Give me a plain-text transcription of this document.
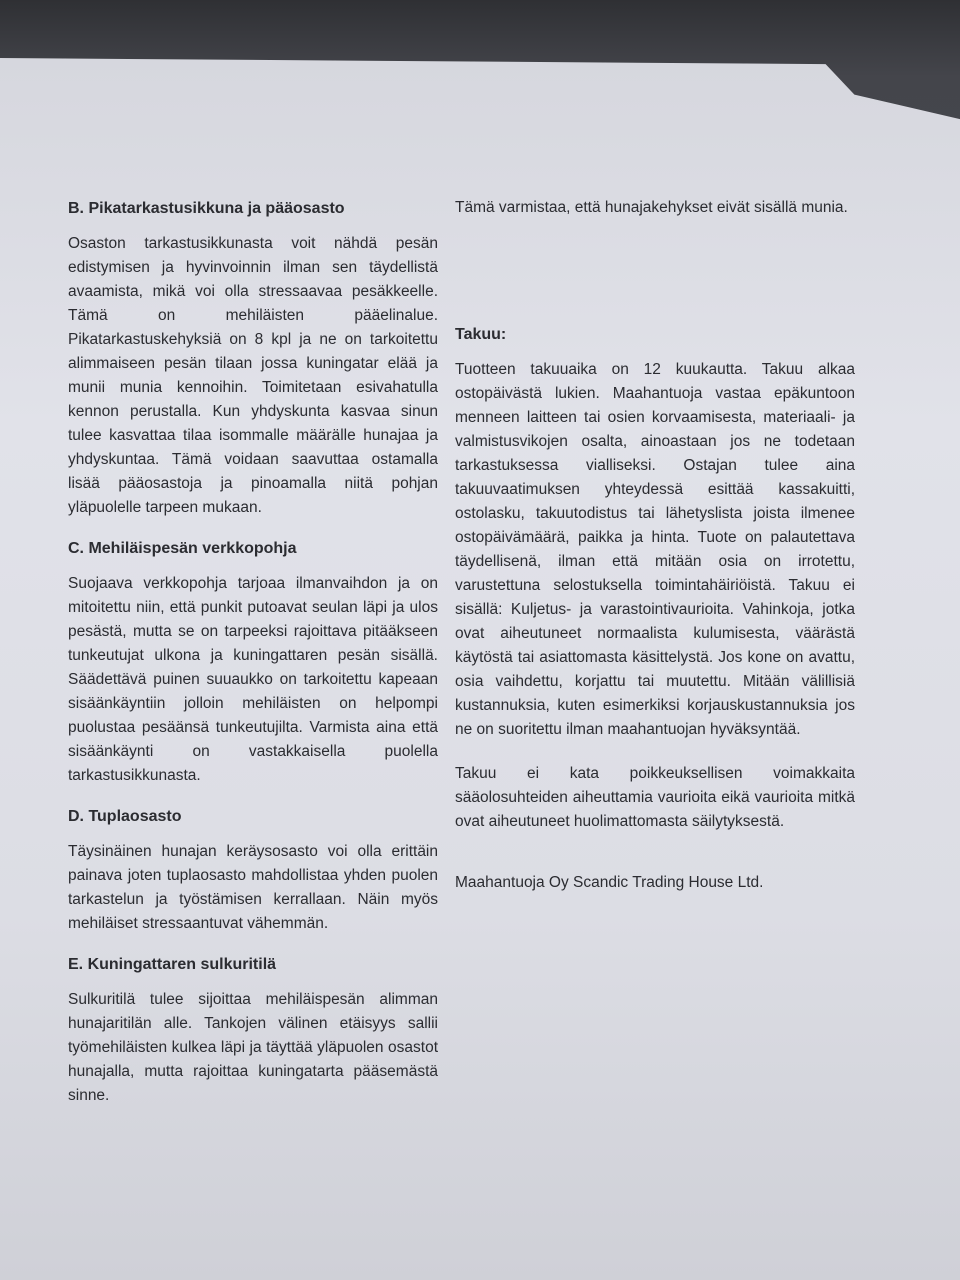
B. Pikatarkastusikkuna ja pääosasto

Osaston tarkastusikkunasta voit nähdä pesän edistymisen ja hyvinvoinnin ilman sen täydellistä avaamista, mikä voi olla stressaavaa pesäkkeelle. Tämä on mehiläisten pääelinalue. Pikatarkastuskehyksiä on 8 kpl ja ne on tarkoitettu alimmaiseen pesän tilaan jossa kuningatar elää ja munii munia kennoihin. Toimitetaan esivahatulla kennon perustalla. Kun yhdyskunta kasvaa sinun tulee kasvattaa tilaa isommalle määrälle hunajaa ja yhdyskuntaa. Tämä voidaan saavuttaa ostamalla lisää pääosastoja ja pinoamalla niitä pohjan yläpuolelle tarpeen mukaan.

C. Mehiläispesän verkkopohja

Suojaava verkkopohja tarjoaa ilmanvaihdon ja on mitoitettu niin, että punkit putoavat seulan läpi ja ulos pesästä, mutta se on tarpeeksi rajoittava pitääkseen tunkeutujat ulkona ja kuningattaren pesän sisällä. Säädettävä puinen suuaukko on tarkoitettu kapeaan sisäänkäyntiin jolloin mehiläisten on helpompi puolustaa pesäänsä tunkeutujilta. Varmista aina että sisäänkäynti on vastakkaisella puolella tarkastusikkunasta.

D. Tuplaosasto

Täysinäinen hunajan keräysosasto voi olla erittäin painava joten tuplaosasto mahdollistaa yhden puolen tarkastelun ja työstämisen kerrallaan. Näin myös mehiläiset stressaantuvat vähemmän.

E. Kuningattaren sulkuritilä

Sulkuritilä tulee sijoittaa mehiläispesän alimman hunajaritilän alle. Tankojen välinen etäisyys sallii työmehiläisten kulkea läpi ja täyttää yläpuolen osastot hunajalla, mutta rajoittaa kuningatarta pääsemästä sinne.

Tämä varmistaa, että hunajakehykset eivät sisällä munia.

Takuu:

Tuotteen takuuaika on 12 kuukautta. Takuu alkaa ostopäivästä lukien. Maahantuoja vastaa epäkuntoon menneen laitteen tai osien korvaamisesta, materiaali- ja valmistusvikojen osalta, ainoastaan jos ne todetaan tarkastuksessa vialliseksi. Ostajan tulee aina takuuvaatimuksen yhteydessä esittää kassakuitti, ostolasku, takuutodistus tai lähetyslista joista ilmenee ostopäivämäärä, paikka ja hinta. Tuote on palautettava täydellisenä, ilman että mitään osia on irrotettu, varustettuna selostuksella toimintahäiriöistä. Takuu ei sisällä: Kuljetus- ja varastointivaurioita. Vahinkoja, jotka ovat aiheutuneet normaalista kulumisesta, väärästä käytöstä tai asiattomasta käsittelystä. Jos kone on avattu, osia vaihdettu, korjattu tai muutettu. Mitään välillisiä kustannuksia, kuten esimerkiksi korjauskustannuksia jos ne on suoritettu ilman maahantuojan hyväksyntää.

Takuu ei kata poikkeuksellisen voimakkaita sääolosuhteiden aiheuttamia vaurioita eikä vaurioita mitkä ovat aiheutuneet huolimattomasta säilytyksestä.

Maahantuoja Oy Scandic Trading House Ltd.
